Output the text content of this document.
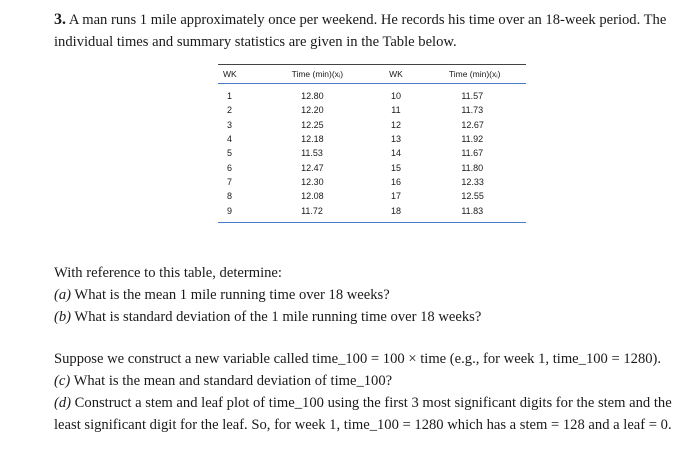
3. A man runs 1 mile approximately once per weekend. He records his time over an 18-week period. The
individual times and summary statistics are given in the Table below.
WK	Time (min)(xᵢ)	WK	Time (min)(xᵢ)
1	12.80	10	11.57
2	12.20	11	11.73
3	12.25	12	12.67
4	12.18	13	11.92
5	11.53	14	11.67
6	12.47	15	11.80
7	12.30	16	12.33
8	12.08	17	12.55
9	11.72	18	11.83
With reference to this table, determine:
(a) What is the mean 1 mile running time over 18 weeks?
(b) What is standard deviation of the 1 mile running time over 18 weeks?
Suppose we construct a new variable called time_100 = 100 × time (e.g., for week 1, time_100 = 1280).
(c) What is the mean and standard deviation of time_100?
(d) Construct a stem and leaf plot of time_100 using the first 3 most significant digits for the stem and the
least significant digit for the leaf. So, for week 1, time_100 = 1280 which has a stem = 128 and a leaf = 0.
